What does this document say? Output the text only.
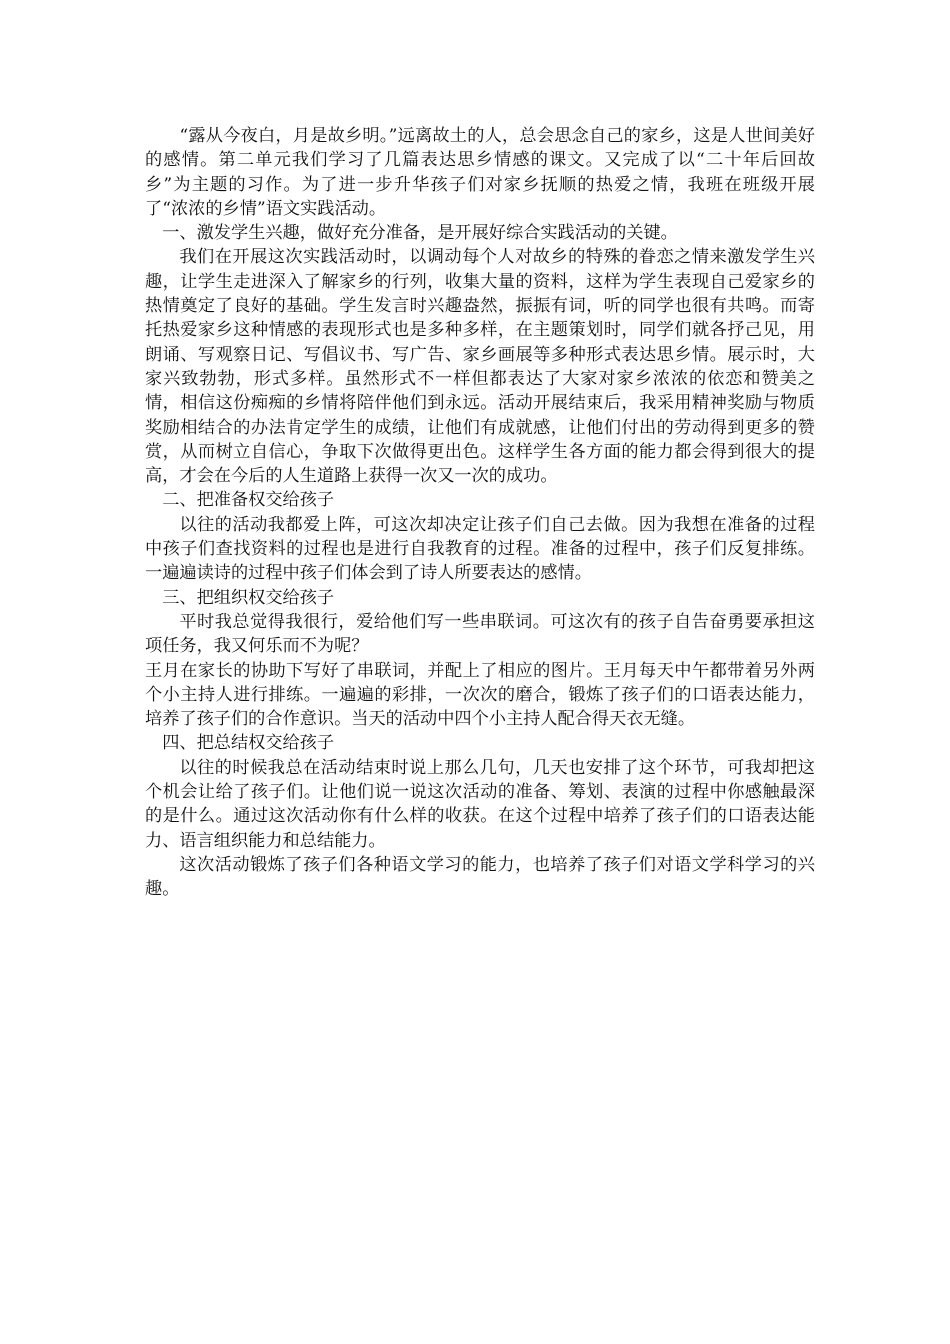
“露从今夜白，月是故乡明。”远离故土的人，总会思念自己的家乡，这是人世间美好的感情。第二单元我们学习了几篇表达思乡情感的课文。又完成了以“二十年后回故乡”为主题的习作。为了进一步升华孩子们对家乡抚顺的热爱之情，我班在班级开展了“浓浓的乡情”语文实践活动。

一、激发学生兴趣，做好充分准备，是开展好综合实践活动的关键。

我们在开展这次实践活动时，以调动每个人对故乡的特殊的眷恋之情来激发学生兴趣，让学生走进深入了解家乡的行列，收集大量的资料，这样为学生表现自己爱家乡的热情奠定了良好的基础。学生发言时兴趣盎然，振振有词，听的同学也很有共鸣。而寄托热爱家乡这种情感的表现形式也是多种多样，在主题策划时，同学们就各抒己见，用朗诵、写观察日记、写倡议书、写广告、家乡画展等多种形式表达思乡情。展示时，大家兴致勃勃，形式多样。虽然形式不一样但都表达了大家对家乡浓浓的依恋和赞美之情，相信这份痴痴的乡情将陪伴他们到永远。活动开展结束后，我采用精神奖励与物质奖励相结合的办法肯定学生的成绩，让他们有成就感，让他们付出的劳动得到更多的赞赏，从而树立自信心，争取下次做得更出色。这样学生各方面的能力都会得到很大的提高，才会在今后的人生道路上获得一次又一次的成功。

二、把准备权交给孩子

以往的活动我都爱上阵，可这次却决定让孩子们自己去做。因为我想在准备的过程中孩子们查找资料的过程也是进行自我教育的过程。准备的过程中，孩子们反复排练。一遍遍读诗的过程中孩子们体会到了诗人所要表达的感情。

三、把组织权交给孩子

平时我总觉得我很行，爱给他们写一些串联词。可这次有的孩子自告奋勇要承担这项任务，我又何乐而不为呢？

王月在家长的协助下写好了串联词，并配上了相应的图片。王月每天中午都带着另外两个小主持人进行排练。一遍遍的彩排，一次次的磨合，锻炼了孩子们的口语表达能力，培养了孩子们的合作意识。当天的活动中四个小主持人配合得天衣无缝。

四、把总结权交给孩子

以往的时候我总在活动结束时说上那么几句，几天也安排了这个环节，可我却把这个机会让给了孩子们。让他们说一说这次活动的准备、筹划、表演的过程中你感触最深的是什么。通过这次活动你有什么样的收获。在这个过程中培养了孩子们的口语表达能力、语言组织能力和总结能力。

这次活动锻炼了孩子们各种语文学习的能力，也培养了孩子们对语文学科学习的兴趣。
